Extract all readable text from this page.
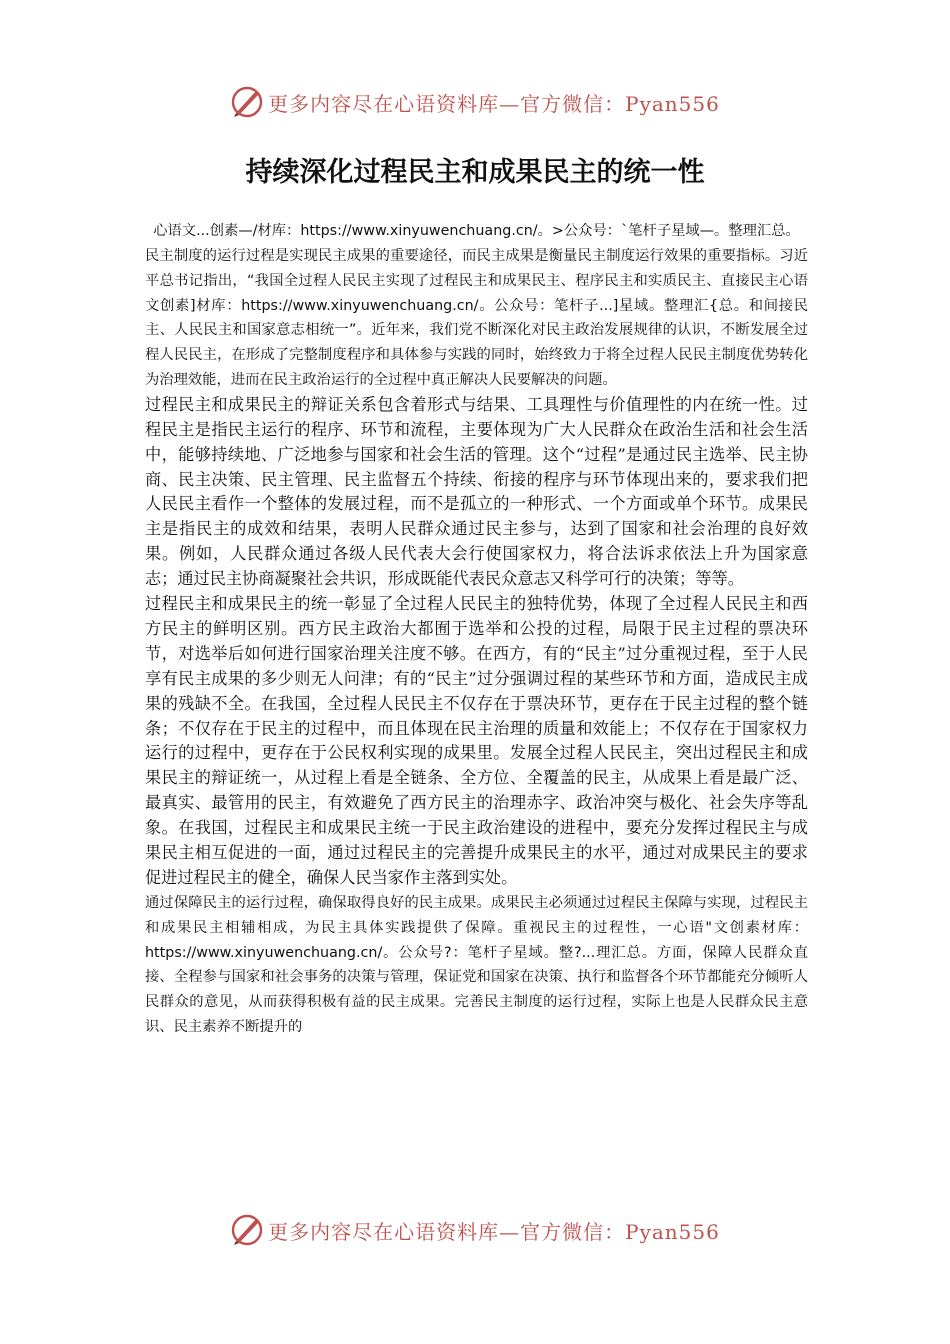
更多内容尽在心语资料库—官方微信：Pyan556
持续深化过程民主和成果民主的统一性

心语文...创素—/材库：https://www.xinyuwenchuang.cn/。>公众号：`笔杆子星域—。整理汇总。

民主制度的运行过程是实现民主成果的重要途径，而民主成果是衡量民主制度运行效果的重要指标。习近平总书记指出，“我国全过程人民民主实现了过程民主和成果民主、程序民主和实质民主、直接民主心语文创素]材库：https://www.xinyuwenchuang.cn/。公众号：笔杆子...]星域。整理汇{总。和间接民主、人民民主和国家意志相统一”。近年来，我们党不断深化对民主政治发展规律的认识，不断发展全过程人民民主，在形成了完整制度程序和具体参与实践的同时，始终致力于将全过程人民民主制度优势转化为治理效能，进而在民主政治运行的全过程中真正解决人民要解决的问题。

过程民主和成果民主的辩证关系包含着形式与结果、工具理性与价值理性的内在统一性。过程民主是指民主运行的程序、环节和流程，主要体现为广大人民群众在政治生活和社会生活中，能够持续地、广泛地参与国家和社会生活的管理。这个“过程”是通过民主选举、民主协商、民主决策、民主管理、民主监督五个持续、衔接的程序与环节体现出来的，要求我们把人民民主看作一个整体的发展过程，而不是孤立的一种形式、一个方面或单个环节。成果民主是指民主的成效和结果，表明人民群众通过民主参与，达到了国家和社会治理的良好效果。例如，人民群众通过各级人民代表大会行使国家权力，将合法诉求依法上升为国家意志；通过民主协商凝聚社会共识，形成既能代表民众意志又科学可行的决策；等等。

过程民主和成果民主的统一彰显了全过程人民民主的独特优势，体现了全过程人民民主和西方民主的鲜明区别。西方民主政治大都囿于选举和公投的过程，局限于民主过程的票决环节，对选举后如何进行国家治理关注度不够。在西方，有的“民主”过分重视过程，至于人民享有民主成果的多少则无人问津；有的“民主”过分强调过程的某些环节和方面，造成民主成果的残缺不全。在我国，全过程人民民主不仅存在于票决环节，更存在于民主过程的整个链条；不仅存在于民主的过程中，而且体现在民主治理的质量和效能上；不仅存在于国家权力运行的过程中，更存在于公民权利实现的成果里。发展全过程人民民主，突出过程民主和成果民主的辩证统一，从过程上看是全链条、全方位、全覆盖的民主，从成果上看是最广泛、最真实、最管用的民主，有效避免了西方民主的治理赤字、政治冲突与极化、社会失序等乱象。在我国，过程民主和成果民主统一于民主政治建设的进程中，要充分发挥过程民主与成果民主相互促进的一面，通过过程民主的完善提升成果民主的水平，通过对成果民主的要求促进过程民主的健全，确保人民当家作主落到实处。

通过保障民主的运行过程，确保取得良好的民主成果。成果民主必须通过过程民主保障与实现，过程民主和成果民主相辅相成，为民主具体实践提供了保障。重视民主的过程性，一心语"文创素材库：https://www.xinyuwenchuang.cn/。公众号?：笔杆子星域。整?...理汇总。方面，保障人民群众直接、全程参与国家和社会事务的决策与管理，保证党和国家在决策、执行和监督各个环节都能充分倾听人民群众的意见，从而获得积极有益的民主成果。完善民主制度的运行过程，实际上也是人民群众民主意识、民主素养不断提升的

更多内容尽在心语资料库—官方微信：Pyan556
